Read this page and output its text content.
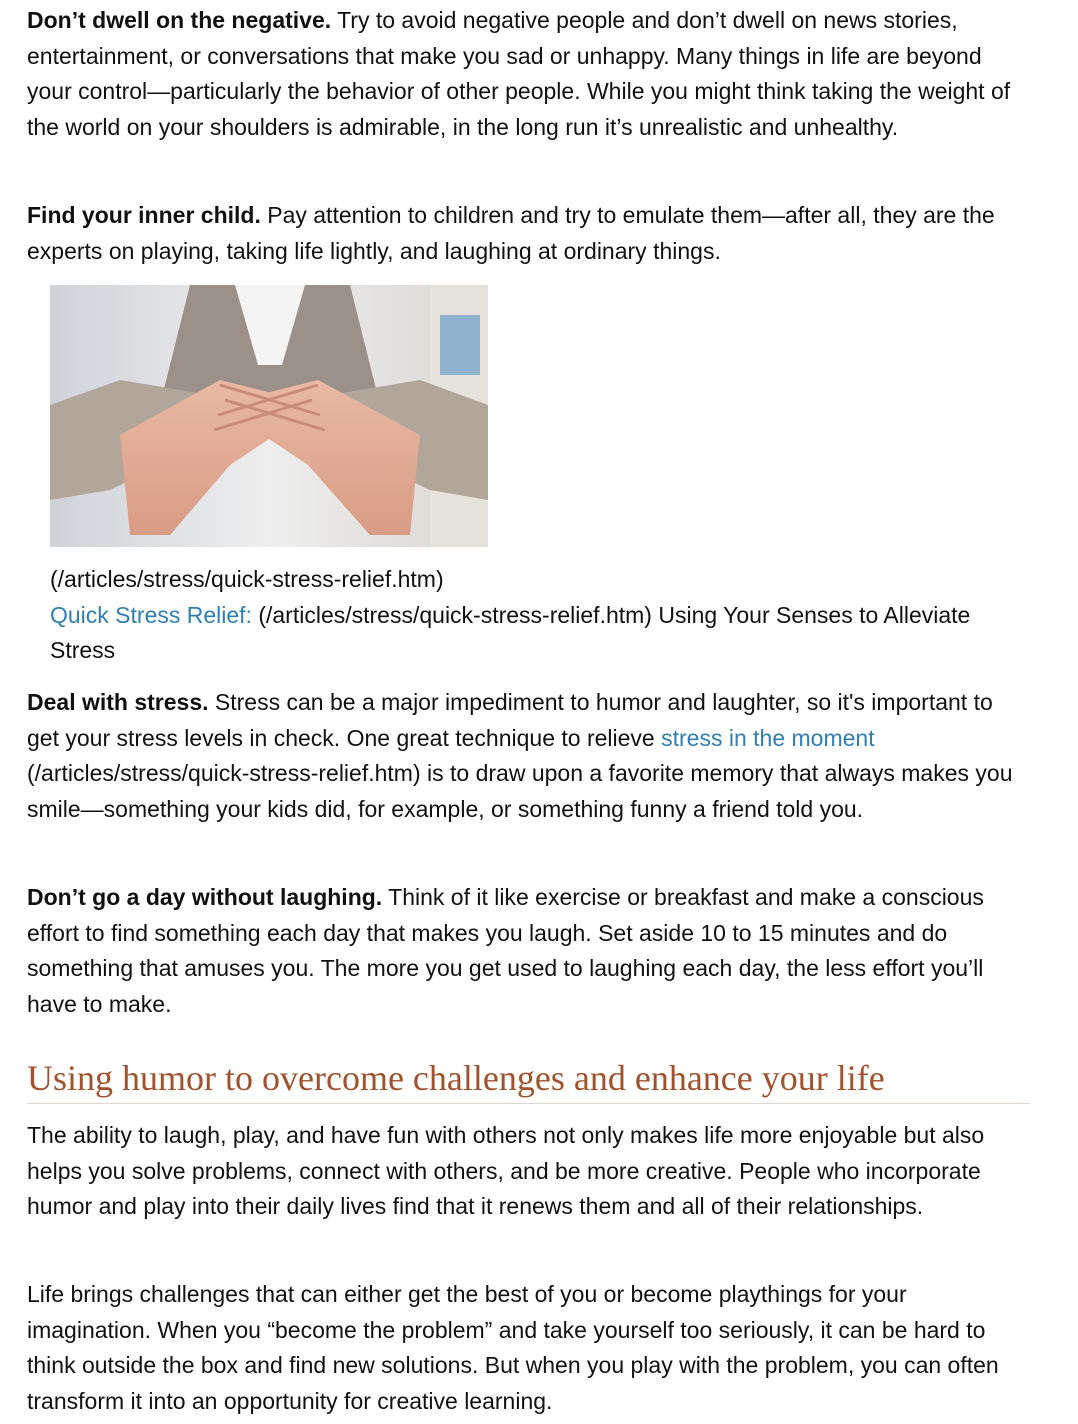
Don’t dwell on the negative. Try to avoid negative people and don’t dwell on news stories, entertainment, or conversations that make you sad or unhappy. Many things in life are beyond your control—particularly the behavior of other people. While you might think taking the weight of the world on your shoulders is admirable, in the long run it’s unrealistic and unhealthy.

Find your inner child. Pay attention to children and try to emulate them—after all, they are the experts on playing, taking life lightly, and laughing at ordinary things.

(/articles/stress/quick-stress-relief.htm)
Quick Stress Relief: (/articles/stress/quick-stress-relief.htm) Using Your Senses to Alleviate Stress

Deal with stress. Stress can be a major impediment to humor and laughter, so it's important to get your stress levels in check. One great technique to relieve stress in the moment (/articles/stress/quick-stress-relief.htm) is to draw upon a favorite memory that always makes you smile—something your kids did, for example, or something funny a friend told you.

Don’t go a day without laughing. Think of it like exercise or breakfast and make a conscious effort to find something each day that makes you laugh. Set aside 10 to 15 minutes and do something that amuses you. The more you get used to laughing each day, the less effort you’ll have to make.

Using humor to overcome challenges and enhance your life

The ability to laugh, play, and have fun with others not only makes life more enjoyable but also helps you solve problems, connect with others, and be more creative. People who incorporate humor and play into their daily lives find that it renews them and all of their relationships.

Life brings challenges that can either get the best of you or become playthings for your imagination. When you “become the problem” and take yourself too seriously, it can be hard to think outside the box and find new solutions. But when you play with the problem, you can often transform it into an opportunity for creative learning.
